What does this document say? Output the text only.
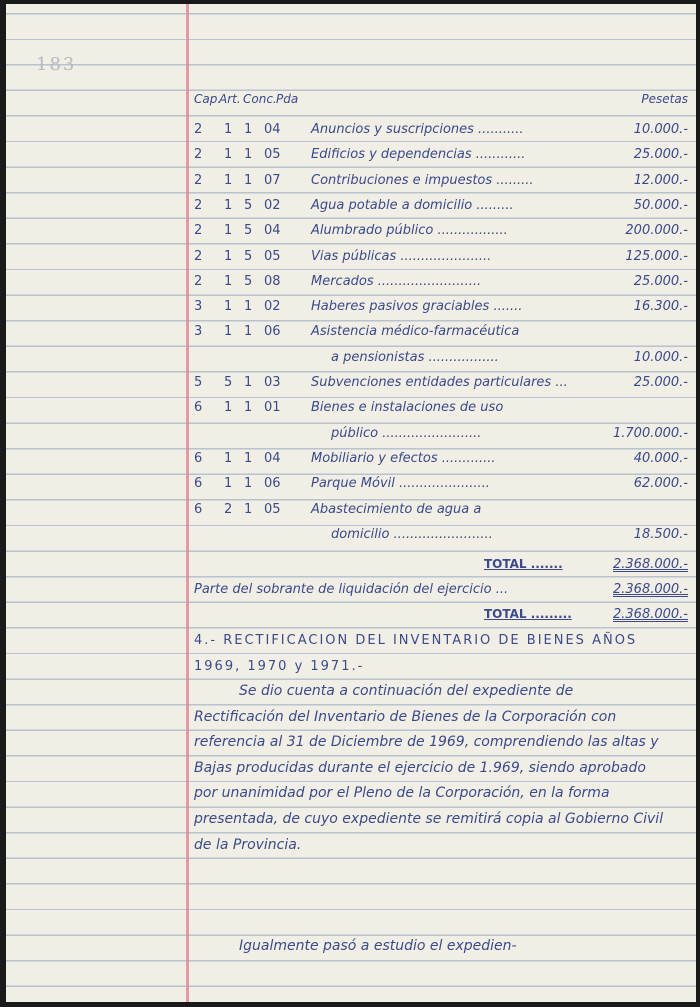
183
Cap.
Art. Conc. Pda	Pesetas
2	1 1 04	Anuncios y suscripciones ...........	10.000.-
2	1 1 05	Edificios y dependencias ............	25.000.-
2	1 1 07	Contribuciones e impuestos .........	12.000.-
2	1 5 02	Agua potable a domicilio .........	50.000.-
2	1 5 04	Alumbrado público .................	200.000.-
2	1 5 05	Vias públicas ......................	125.000.-
2	1 5 08	Mercados .........................	25.000.-
3	1 1 02	Haberes pasivos graciables .......	16.300.-
3	1 1 06	Asistencia médico-farmacéutica
a pensionistas .................	10.000.-
5	5 1 03	Subvenciones entidades particulares ...	25.000.-
6	1 1 01	Bienes e instalaciones de uso
público ........................	1.700.000.-
6	1 1 04	Mobiliario y efectos .............	40.000.-
6	1 1 06	Parque Móvil ......................	62.000.-
6	2 1 05	Abastecimiento de agua a
domicilio ........................	18.500.-
TOTAL .......	2.368.000.-
Parte del sobrante de liquidación del ejercicio ...	2.368.000.-
TOTAL .........	2.368.000.-
4.- RECTIFICACION DEL INVENTARIO DE BIENES AÑOS 1969, 1970 y 1971.-
Se dio cuenta a continuación del expediente de Rectificación del Inventario de Bienes de la Corporación con referencia al 31 de Diciembre de 1969, comprendiendo las altas y Bajas producidas durante el ejercicio de 1.969, siendo aprobado por unanimidad por el Pleno de la Corporación, en la forma presentada, de cuyo expediente se remitirá copia al Gobierno Civil de la Provincia.
Igualmente pasó a estudio el expedien-
